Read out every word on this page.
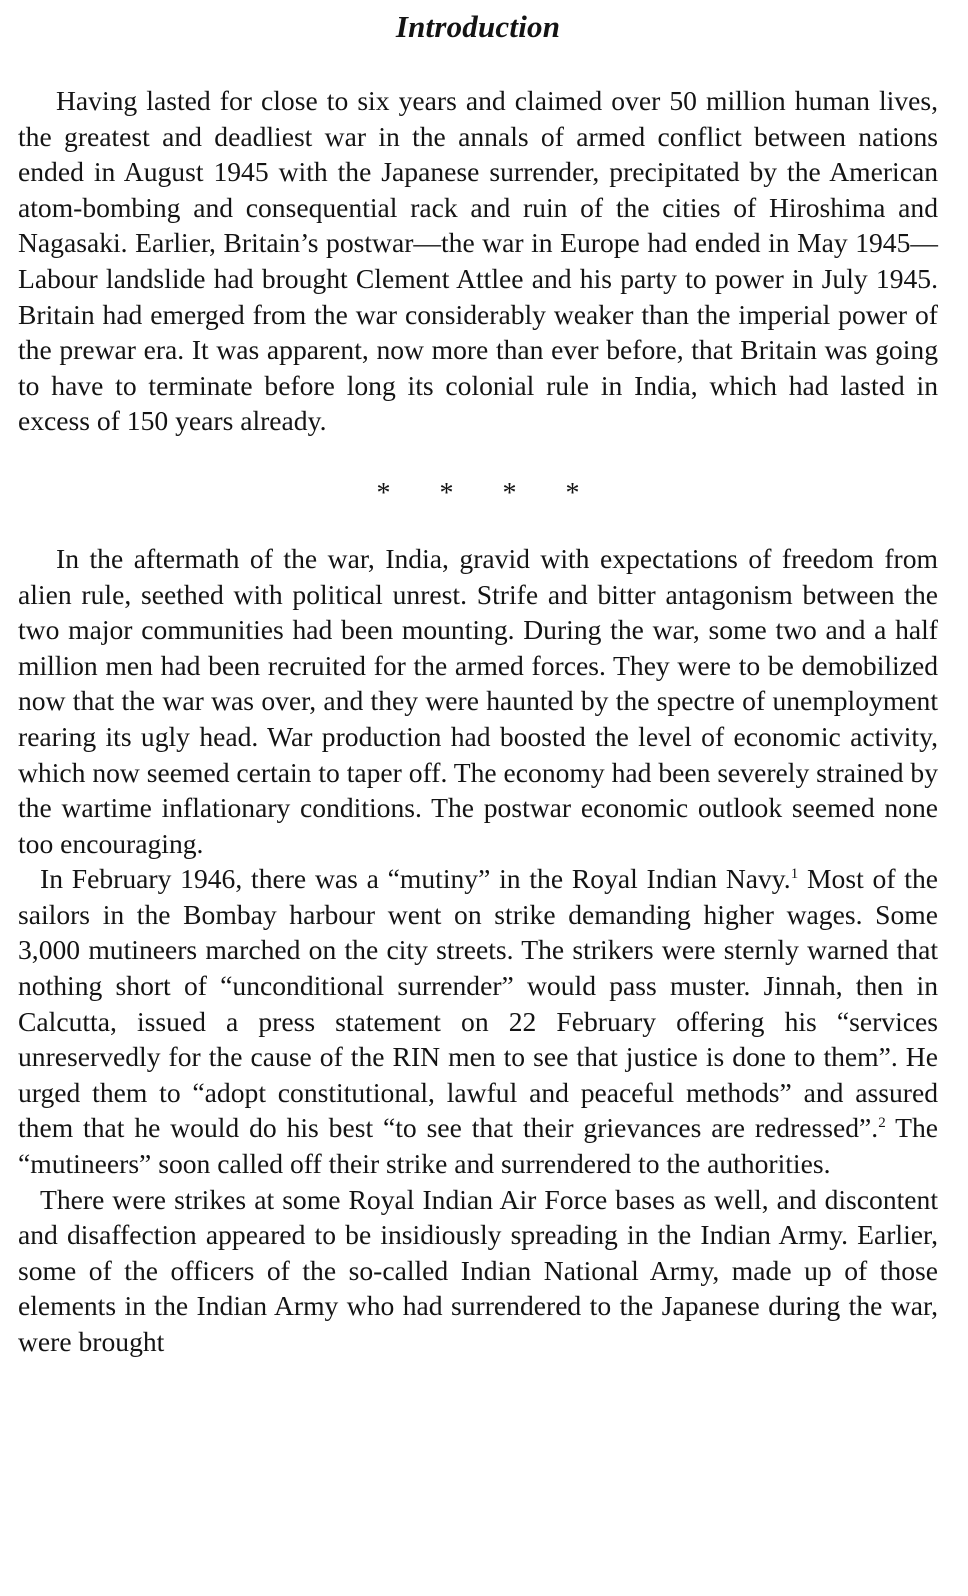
Introduction

Having lasted for close to six years and claimed over 50 million human lives, the greatest and deadliest war in the annals of armed conflict between nations ended in August 1945 with the Japanese surrender, precipitated by the American atom-bombing and consequential rack and ruin of the cities of Hiroshima and Nagasaki. Earlier, Britain’s postwar—the war in Europe had ended in May 1945—Labour landslide had brought Clement Attlee and his party to power in July 1945. Britain had emerged from the war considerably weaker than the imperial power of the prewar era. It was apparent, now more than ever before, that Britain was going to have to terminate before long its colonial rule in India, which had lasted in excess of 150 years already.

* * * *

In the aftermath of the war, India, gravid with expectations of freedom from alien rule, seethed with political unrest. Strife and bitter antagonism between the two major communities had been mounting. During the war, some two and a half million men had been recruited for the armed forces. They were to be demobilized now that the war was over, and they were haunted by the spectre of unemployment rearing its ugly head. War production had boosted the level of economic activity, which now seemed certain to taper off. The economy had been severely strained by the wartime inflationary conditions. The postwar economic outlook seemed none too encouraging.

In February 1946, there was a “mutiny” in the Royal Indian Navy.$^1$ Most of the sailors in the Bombay harbour went on strike demanding higher wages. Some 3,000 mutineers marched on the city streets. The strikers were sternly warned that nothing short of “unconditional surrender” would pass muster. Jinnah, then in Calcutta, issued a press statement on 22 February offering his “services unreservedly for the cause of the RIN men to see that justice is done to them”. He urged them to “adopt constitutional, lawful and peaceful methods” and assured them that he would do his best “to see that their grievances are redressed”.$^2$ The “mutineers” soon called off their strike and surrendered to the authorities.

There were strikes at some Royal Indian Air Force bases as well, and discontent and disaffection appeared to be insidiously spreading in the Indian Army. Earlier, some of the officers of the so-called Indian National Army, made up of those elements in the Indian Army who had surrendered to the Japanese during the war, were brought
